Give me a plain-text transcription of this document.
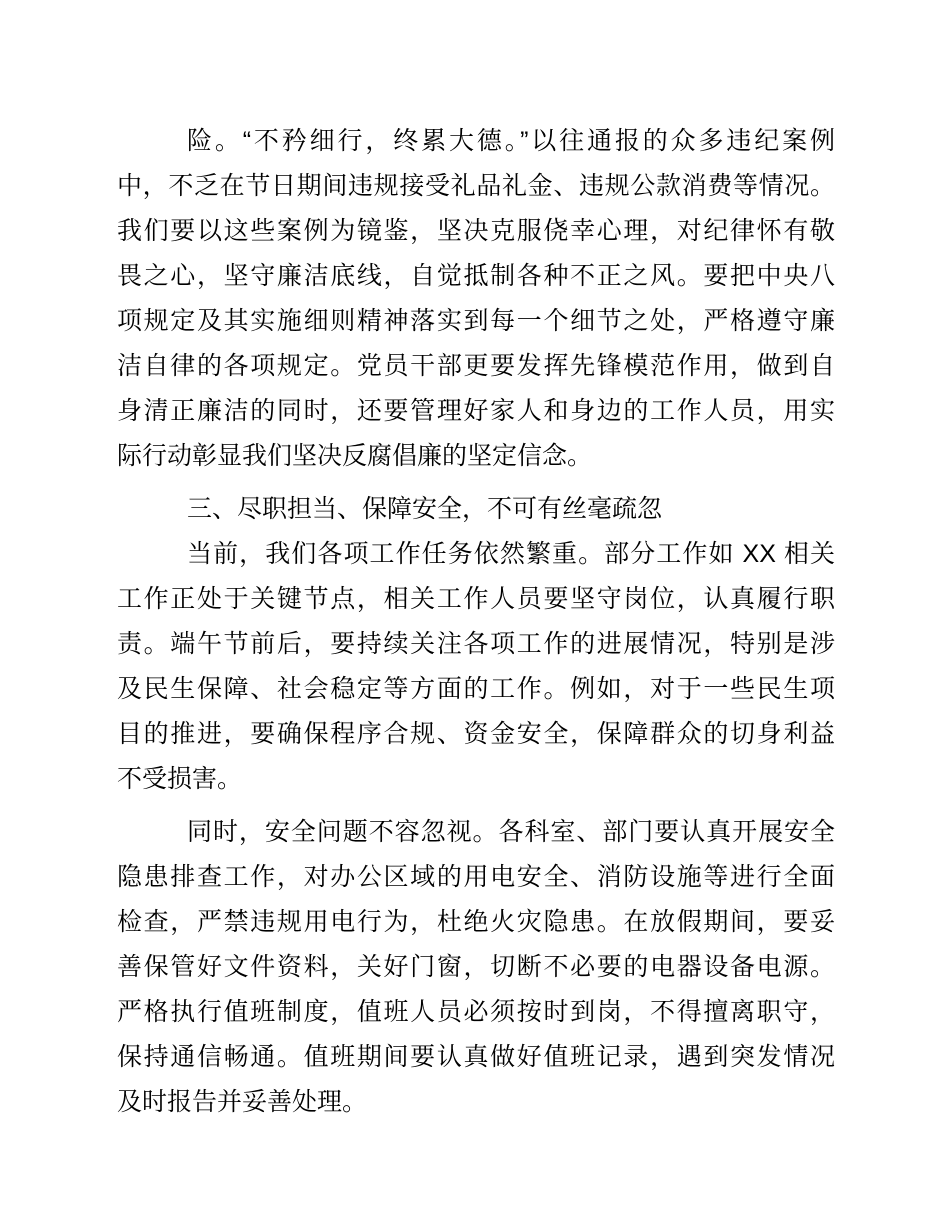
险。“不矜细行，终累大德。”以往通报的众多违纪案例
中，不乏在节日期间违规接受礼品礼金、违规公款消费等情况。
我们要以这些案例为镜鉴，坚决克服侥幸心理，对纪律怀有敬
畏之心，坚守廉洁底线，自觉抵制各种不正之风。要把中央八
项规定及其实施细则精神落实到每一个细节之处，严格遵守廉
洁自律的各项规定。党员干部更要发挥先锋模范作用，做到自
身清正廉洁的同时，还要管理好家人和身边的工作人员，用实
际行动彰显我们坚决反腐倡廉的坚定信念。
三、尽职担当、保障安全，不可有丝毫疏忽
当前，我们各项工作任务依然繁重。部分工作如 XX 相关
工作正处于关键节点，相关工作人员要坚守岗位，认真履行职
责。端午节前后，要持续关注各项工作的进展情况，特别是涉
及民生保障、社会稳定等方面的工作。例如，对于一些民生项
目的推进，要确保程序合规、资金安全，保障群众的切身利益
不受损害。
同时，安全问题不容忽视。各科室、部门要认真开展安全
隐患排查工作，对办公区域的用电安全、消防设施等进行全面
检查，严禁违规用电行为，杜绝火灾隐患。在放假期间，要妥
善保管好文件资料，关好门窗，切断不必要的电器设备电源。
严格执行值班制度，值班人员必须按时到岗，不得擅离职守，
保持通信畅通。值班期间要认真做好值班记录，遇到突发情况
及时报告并妥善处理。
